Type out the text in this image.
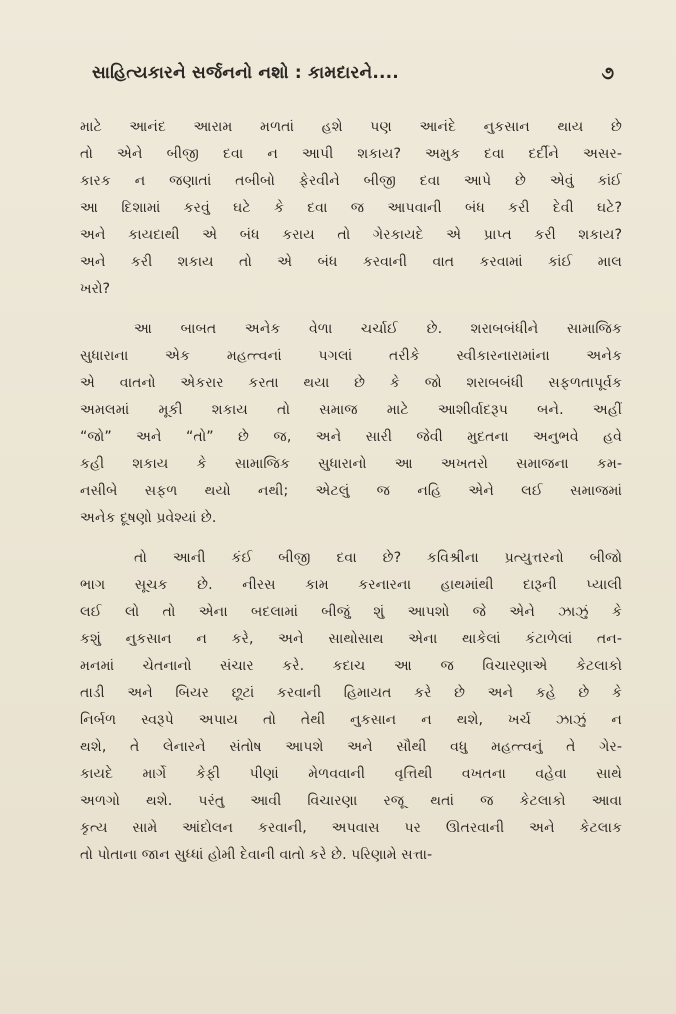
સાહિત્યકારને સર્જનનો નશો : કામદારને....	૭
માટે આનંદ આરામ મળતાં હશે પણ આનંદે નુકસાન થાય છે
તો એને બીજી દવા ન આપી શકાય? અમુક દવા દર્દીને અસર-
કારક ન જણાતાં તબીબો ફેરવીને બીજી દવા આપે છે એવું કાંઈ
આ દિશામાં કરવું ઘટે કે દવા જ આપવાની બંધ કરી દેવી ઘટે?
અને કાયદાથી એ બંધ કરાય તો ગેરકાયદે એ પ્રાપ્ત કરી શકાય?
અને કરી શકાય તો એ બંધ કરવાની વાત કરવામાં કાંઈ માલ
ખરો?
આ બાબત અનેક વેળા ચર્ચાઈ છે. શરાબબંધીને સામાજિક
સુધારાના એક મહત્ત્વનાં પગલાં તરીકે સ્વીકારનારામાંના અનેક
એ વાતનો એકરાર કરતા થયા છે કે જો શરાબબંધી સફળતાપૂર્વક
અમલમાં મૂકી શકાય તો સમાજ માટે આશીર્વાદરૂપ બને. અહીં
“જો” અને “તો” છે જ, અને સારી જેવી મુદતના અનુભવે હવે
કહી શકાય કે સામાજિક સુધારાનો આ અખતરો સમાજના કમ-
નસીબે સફળ થયો નથી; એટલું જ નહિ એને લઈ સમાજમાં
અનેક દૂષણો પ્રવેશ્યાં છે.
તો આની કંઈ બીજી દવા છે? કવિશ્રીના પ્રત્યુત્તરનો બીજો
ભાગ સૂચક છે. નીરસ કામ કરનારના હાથમાંથી દારૂની પ્યાલી
લઈ લો તો એના બદલામાં બીજું શું આપશો જે એને ઝાઝું કે
કશું નુકસાન ન કરે, અને સાથોસાથ એના થાકેલાં કંટાળેલાં તન-
મનમાં ચેતનાનો સંચાર કરે. કદાચ આ જ વિચારણાએ કેટલાકો
તાડી અને બિયર છૂટાં કરવાની હિમાયત કરે છે અને કહે છે કે
નિર્બળ સ્વરૂપે અપાય તો તેથી નુકસાન ન થશે, ખર્ચ ઝાઝું ન
થશે, તે લેનારને સંતોષ આપશે અને સૌથી વધુ મહત્ત્વનું તે ગેર-
કાયદે માર્ગે કેફી પીણાં મેળવવાની વૃત્તિથી વખતના વહેવા સાથે
અળગો થશે. પરંતુ આવી વિચારણા રજૂ થતાં જ કેટલાકો આવા
કૃત્ય સામે આંદોલન કરવાની, અપવાસ પર ઊતરવાની અને કેટલાક
તો પોતાના જાન સુધ્ધાં હોમી દેવાની વાતો કરે છે. પરિણામે સત્તા-
